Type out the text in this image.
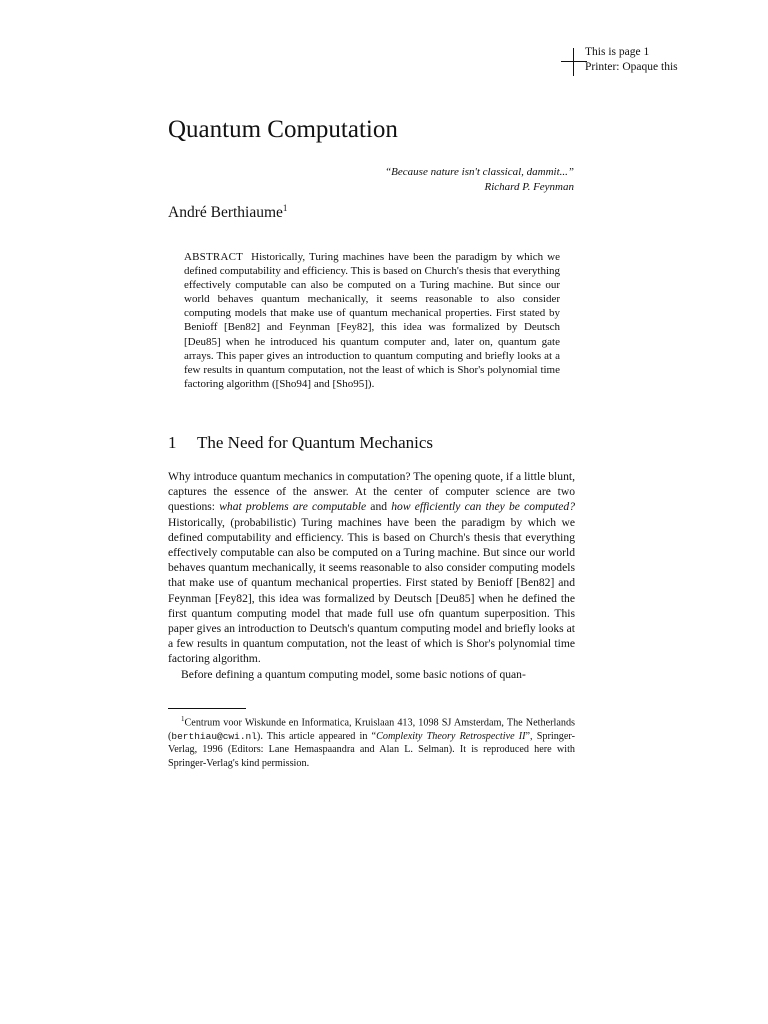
This is page 1
Printer: Opaque this
Quantum Computation
“Because nature isn't classical, dammit...”
Richard P. Feynman
André Berthiaume$^1$
ABSTRACT Historically, Turing machines have been the paradigm by which we defined computability and efficiency. This is based on Church's thesis that everything effectively computable can also be computed on a Turing machine. But since our world behaves quantum mechanically, it seems reasonable to also consider computing models that make use of quantum mechanical properties. First stated by Benioff [Ben82] and Feynman [Fey82], this idea was formalized by Deutsch [Deu85] when he introduced his quantum computer and, later on, quantum gate arrays. This paper gives an introduction to quantum computing and briefly looks at a few results in quantum computation, not the least of which is Shor's polynomial time factoring algorithm ([Sho94] and [Sho95]).
1 The Need for Quantum Mechanics

Why introduce quantum mechanics in computation? The opening quote, if a little blunt, captures the essence of the answer. At the center of computer science are two questions: what problems are computable and how efficiently can they be computed? Historically, (probabilistic) Turing machines have been the paradigm by which we defined computability and efficiency. This is based on Church's thesis that everything effectively computable can also be computed on a Turing machine. But since our world behaves quantum mechanically, it seems reasonable to also consider computing models that make use of quantum mechanical properties. First stated by Benioff [Ben82] and Feynman [Fey82], this idea was formalized by Deutsch [Deu85] when he defined the first quantum computing model that made full use ofn quantum superposition. This paper gives an introduction to Deutsch's quantum computing model and briefly looks at a few results in quantum computation, not the least of which is Shor's polynomial time factoring algorithm.

Before defining a quantum computing model, some basic notions of quan-

$^1$Centrum voor Wiskunde en Informatica, Kruislaan 413, 1098 SJ Amsterdam, The Netherlands (berthiau@cwi.nl). This article appeared in “Complexity Theory Retrospective II”, Springer-Verlag, 1996 (Editors: Lane Hemaspaandra and Alan L. Selman). It is reproduced here with Springer-Verlag's kind permission.
